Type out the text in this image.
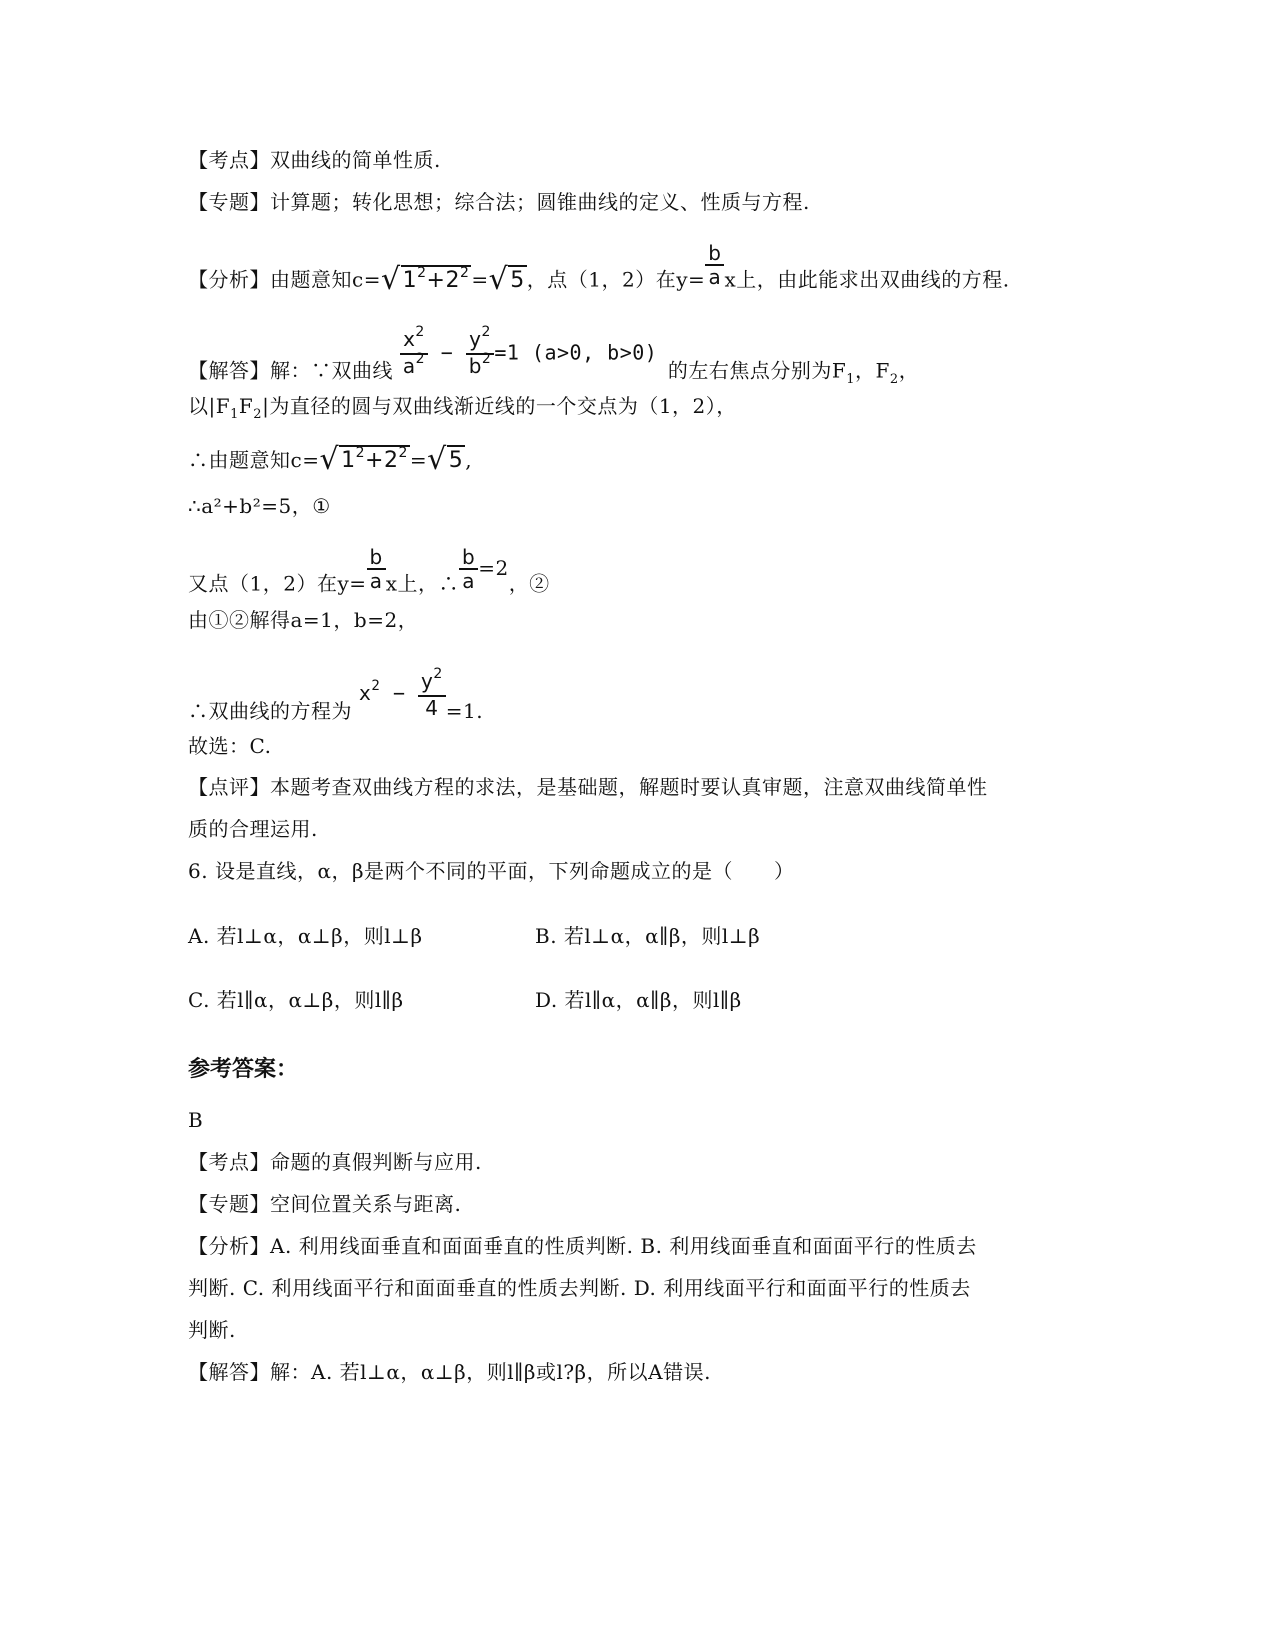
【考点】双曲线的简单性质.
【专题】计算题；转化思想；综合法；圆锥曲线的定义、性质与方程.
【分析】由题意知$c=√1^2+2^2 =√5$ ，点（1，2）在$y= \frac{b}{a}$ x上，由此能求出双曲线的方程.
【解答】解：∵双曲线 $\frac{x^2}{a^2} - \frac{y^2}{b^2} =1$ (a>0, b>0)的左右焦点分别为$F_1$，$F_2$，
以$|F_1F_2|$为直径的圆与双曲线渐近线的一个交点为（1，2），
∴由题意知$c=√1^2+2^2 =√5$ ,
∴a²+b²=5，①
又点（1，2）在$y= \frac{b}{a}$ x上，∴ $\frac{b}{a} =2$，②
由①②解得a=1，b=2，
∴双曲线的方程为 $x^2 - \frac{y^2}{4} =1$.
故选：C.
【点评】本题考查双曲线方程的求法，是基础题，解题时要认真审题，注意双曲线简单性
质的合理运用.
6. 设是直线，α，β是两个不同的平面，下列命题成立的是（　　）
A. 若l⊥α，α⊥β，则l⊥β	B. 若l⊥α，α∥β，则l⊥β
C. 若l∥α，α⊥β，则l∥β	D. 若l∥α，α∥β，则l∥β
参考答案：
B
【考点】命题的真假判断与应用.
【专题】空间位置关系与距离.
【分析】A. 利用线面垂直和面面垂直的性质判断. B. 利用线面垂直和面面平行的性质去
判断. C. 利用线面平行和面面垂直的性质去判断. D. 利用线面平行和面面平行的性质去
判断.
【解答】解：A. 若l⊥α，α⊥β，则l∥β或l?β，所以A错误.
